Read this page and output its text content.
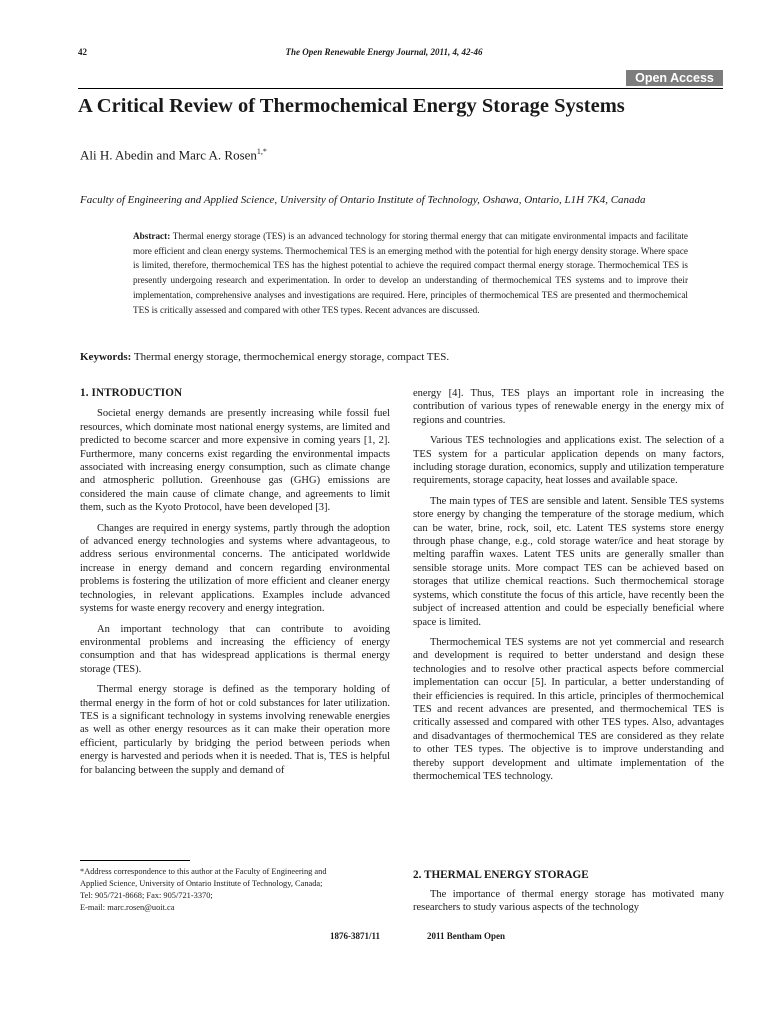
42	The Open Renewable Energy Journal, 2011, 4, 42-46
Open Access
A Critical Review of Thermochemical Energy Storage Systems
Ali H. Abedin and Marc A. Rosen$^{1,*}$
Faculty of Engineering and Applied Science, University of Ontario Institute of Technology, Oshawa, Ontario, L1H 7K4, Canada
Abstract: Thermal energy storage (TES) is an advanced technology for storing thermal energy that can mitigate environmental impacts and facilitate more efficient and clean energy systems. Thermochemical TES is an emerging method with the potential for high energy density storage. Where space is limited, therefore, thermochemical TES has the highest potential to achieve the required compact thermal energy storage. Thermochemical TES is presently undergoing research and experimentation. In order to develop an understanding of thermochemical TES systems and to improve their implementation, comprehensive analyses and investigations are required. Here, principles of thermochemical TES are presented and thermochemical TES is critically assessed and compared with other TES types. Recent advances are discussed.
Keywords: Thermal energy storage, thermochemical energy storage, compact TES.
1. INTRODUCTION

Societal energy demands are presently increasing while fossil fuel resources, which dominate most national energy systems, are limited and predicted to become scarcer and more expensive in coming years [1, 2]. Furthermore, many concerns exist regarding the environmental impacts associated with increasing energy consumption, such as climate change and atmospheric pollution. Greenhouse gas (GHG) emissions are considered the main cause of climate change, and agreements to limit them, such as the Kyoto Protocol, have been developed [3].

Changes are required in energy systems, partly through the adoption of advanced energy technologies and systems where advantageous, to address serious environmental concerns. The anticipated worldwide increase in energy demand and concern regarding environmental problems is fostering the utilization of more efficient and cleaner energy technologies, in relevant applications. Examples include advanced systems for waste energy recovery and energy integration.

An important technology that can contribute to avoiding environmental problems and increasing the efficiency of energy consumption and that has widespread applications is thermal energy storage (TES).

Thermal energy storage is defined as the temporary holding of thermal energy in the form of hot or cold substances for later utilization. TES is a significant technology in systems involving renewable energies as well as other energy resources as it can make their operation more efficient, particularly by bridging the period between periods when energy is harvested and periods when it is needed. That is, TES is helpful for balancing between the supply and demand of

energy [4]. Thus, TES plays an important role in increasing the contribution of various types of renewable energy in the energy mix of regions and countries.

Various TES technologies and applications exist. The selection of a TES system for a particular application depends on many factors, including storage duration, economics, supply and utilization temperature requirements, storage capacity, heat losses and available space.

The main types of TES are sensible and latent. Sensible TES systems store energy by changing the temperature of the storage medium, which can be water, brine, rock, soil, etc. Latent TES systems store energy through phase change, e.g., cold storage water/ice and heat storage by melting paraffin waxes. Latent TES units are generally smaller than sensible storage units. More compact TES can be achieved based on storages that utilize chemical reactions. Such thermochemical storage systems, which constitute the focus of this article, have recently been the subject of increased attention and could be especially beneficial where space is limited.

Thermochemical TES systems are not yet commercial and research and development is required to better understand and design these technologies and to resolve other practical aspects before commercial implementation can occur [5]. In particular, a better understanding of their efficiencies is required. In this article, principles of thermochemical TES and recent advances are presented, and thermochemical TES is critically assessed and compared with other TES types. Also, advantages and disadvantages of thermochemical TES are considered as they relate to other TES types. The objective is to improve understanding and thereby support development and ultimate implementation of the thermochemical TES technology.

2. THERMAL ENERGY STORAGE

The importance of thermal energy storage has motivated many researchers to study various aspects of the technology

*Address correspondence to this author at the Faculty of Engineering and

Applied Science, University of Ontario Institute of Technology, Canada;

Tel: 905/721-8668; Fax: 905/721-3370;

E-mail: marc.rosen@uoit.ca

1876-3871/11	2011 Bentham Open
